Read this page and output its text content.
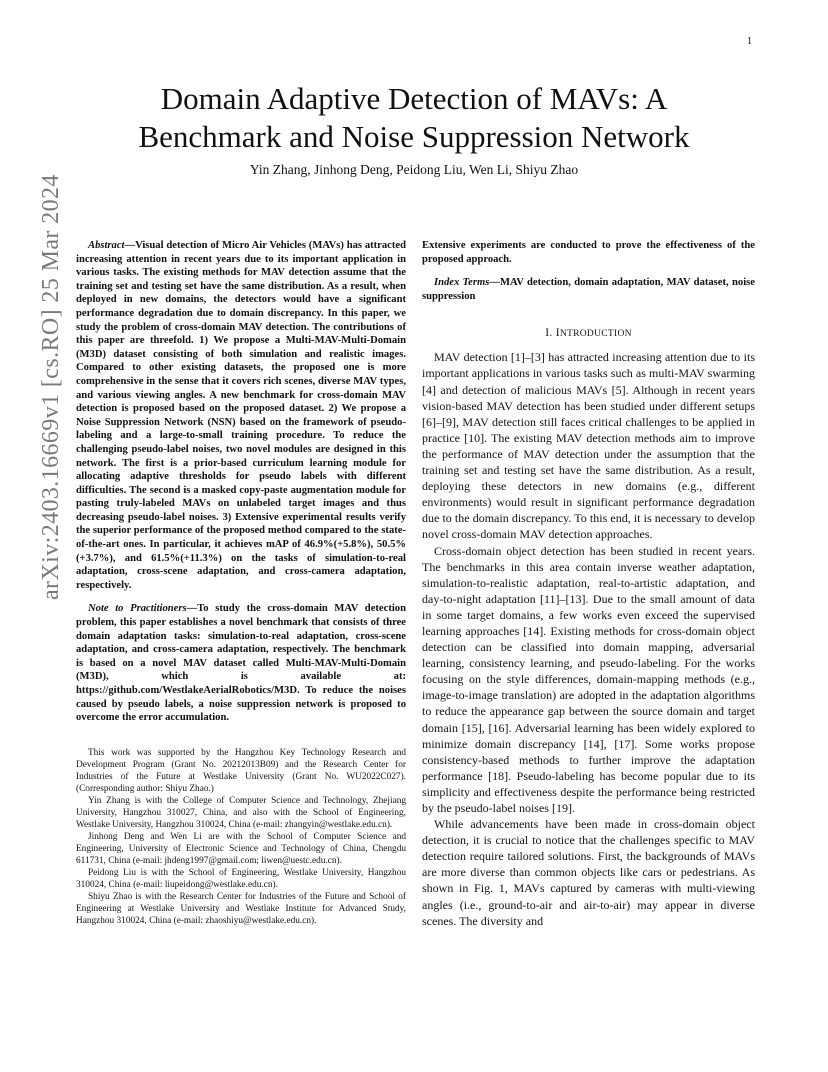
1
arXiv:2403.16669v1 [cs.RO] 25 Mar 2024
Domain Adaptive Detection of MAVs: A
Benchmark and Noise Suppression Network
Yin Zhang, Jinhong Deng, Peidong Liu, Wen Li, Shiyu Zhao

Abstract—Visual detection of Micro Air Vehicles (MAVs) has attracted increasing attention in recent years due to its important application in various tasks. The existing methods for MAV detection assume that the training set and testing set have the same distribution. As a result, when deployed in new domains, the detectors would have a significant performance degradation due to domain discrepancy. In this paper, we study the problem of cross-domain MAV detection. The contributions of this paper are threefold. 1) We propose a Multi-MAV-Multi-Domain (M3D) dataset consisting of both simulation and realistic images. Compared to other existing datasets, the proposed one is more comprehensive in the sense that it covers rich scenes, diverse MAV types, and various viewing angles. A new benchmark for cross-domain MAV detection is proposed based on the proposed dataset. 2) We propose a Noise Suppression Network (NSN) based on the framework of pseudo-labeling and a large-to-small training procedure. To reduce the challenging pseudo-label noises, two novel modules are designed in this network. The first is a prior-based curriculum learning module for allocating adaptive thresholds for pseudo labels with different difficulties. The second is a masked copy-paste augmentation module for pasting truly-labeled MAVs on unlabeled target images and thus decreasing pseudo-label noises. 3) Extensive experimental results verify the superior performance of the proposed method compared to the state-of-the-art ones. In particular, it achieves mAP of 46.9%(+5.8%), 50.5%(+3.7%), and 61.5%(+11.3%) on the tasks of simulation-to-real adaptation, cross-scene adaptation, and cross-camera adaptation, respectively.

Note to Practitioners—To study the cross-domain MAV detection problem, this paper establishes a novel benchmark that consists of three domain adaptation tasks: simulation-to-real adaptation, cross-scene adaptation, and cross-camera adaptation, respectively. The benchmark is based on a novel MAV dataset called Multi-MAV-Multi-Domain (M3D), which is available at: https://github.com/WestlakeAerialRobotics/M3D. To reduce the noises caused by pseudo labels, a noise suppression network is proposed to overcome the error accumulation.

This work was supported by the Hangzhou Key Technology Research and Development Program (Grant No. 20212013B09) and the Research Center for Industries of the Future at Westlake University (Grant No. WU2022C027). (Corresponding author: Shiyu Zhao.)

Yin Zhang is with the College of Computer Science and Technology, Zhejiang University, Hangzhou 310027, China, and also with the School of Engineering, Westlake University, Hangzhou 310024, China (e-mail: zhangyin@westlake.edu.cn).

Jinhong Deng and Wen Li are with the School of Computer Science and Engineering, University of Electronic Science and Technology of China, Chengdu 611731, China (e-mail: jhdeng1997@gmail.com; liwen@uestc.edu.cn).

Peidong Liu is with the School of Engineering, Westlake University, Hangzhou 310024, China (e-mail: liupeidong@westlake.edu.cn).

Shiyu Zhao is with the Research Center for Industries of the Future and School of Engineering at Westlake University and Westlake Institute for Advanced Study, Hangzhou 310024, China (e-mail: zhaoshiyu@westlake.edu.cn).

Extensive experiments are conducted to prove the effectiveness of the proposed approach.

Index Terms—MAV detection, domain adaptation, MAV dataset, noise suppression

I. INTRODUCTION

MAV detection [1]–[3] has attracted increasing attention due to its important applications in various tasks such as multi-MAV swarming [4] and detection of malicious MAVs [5]. Although in recent years vision-based MAV detection has been studied under different setups [6]–[9], MAV detection still faces critical challenges to be applied in practice [10]. The existing MAV detection methods aim to improve the performance of MAV detection under the assumption that the training set and testing set have the same distribution. As a result, deploying these detectors in new domains (e.g., different environments) would result in significant performance degradation due to the domain discrepancy. To this end, it is necessary to develop novel cross-domain MAV detection approaches.

Cross-domain object detection has been studied in recent years. The benchmarks in this area contain inverse weather adaptation, simulation-to-realistic adaptation, real-to-artistic adaptation, and day-to-night adaptation [11]–[13]. Due to the small amount of data in some target domains, a few works even exceed the supervised learning approaches [14]. Existing methods for cross-domain object detection can be classified into domain mapping, adversarial learning, consistency learning, and pseudo-labeling. For the works focusing on the style differences, domain-mapping methods (e.g., image-to-image translation) are adopted in the adaptation algorithms to reduce the appearance gap between the source domain and target domain [15], [16]. Adversarial learning has been widely explored to minimize domain discrepancy [14], [17]. Some works propose consistency-based methods to further improve the adaptation performance [18]. Pseudo-labeling has become popular due to its simplicity and effectiveness despite the performance being restricted by the pseudo-label noises [19].

While advancements have been made in cross-domain object detection, it is crucial to notice that the challenges specific to MAV detection require tailored solutions. First, the backgrounds of MAVs are more diverse than common objects like cars or pedestrians. As shown in Fig. 1, MAVs captured by cameras with multi-viewing angles (i.e., ground-to-air and air-to-air) may appear in diverse scenes. The diversity and
